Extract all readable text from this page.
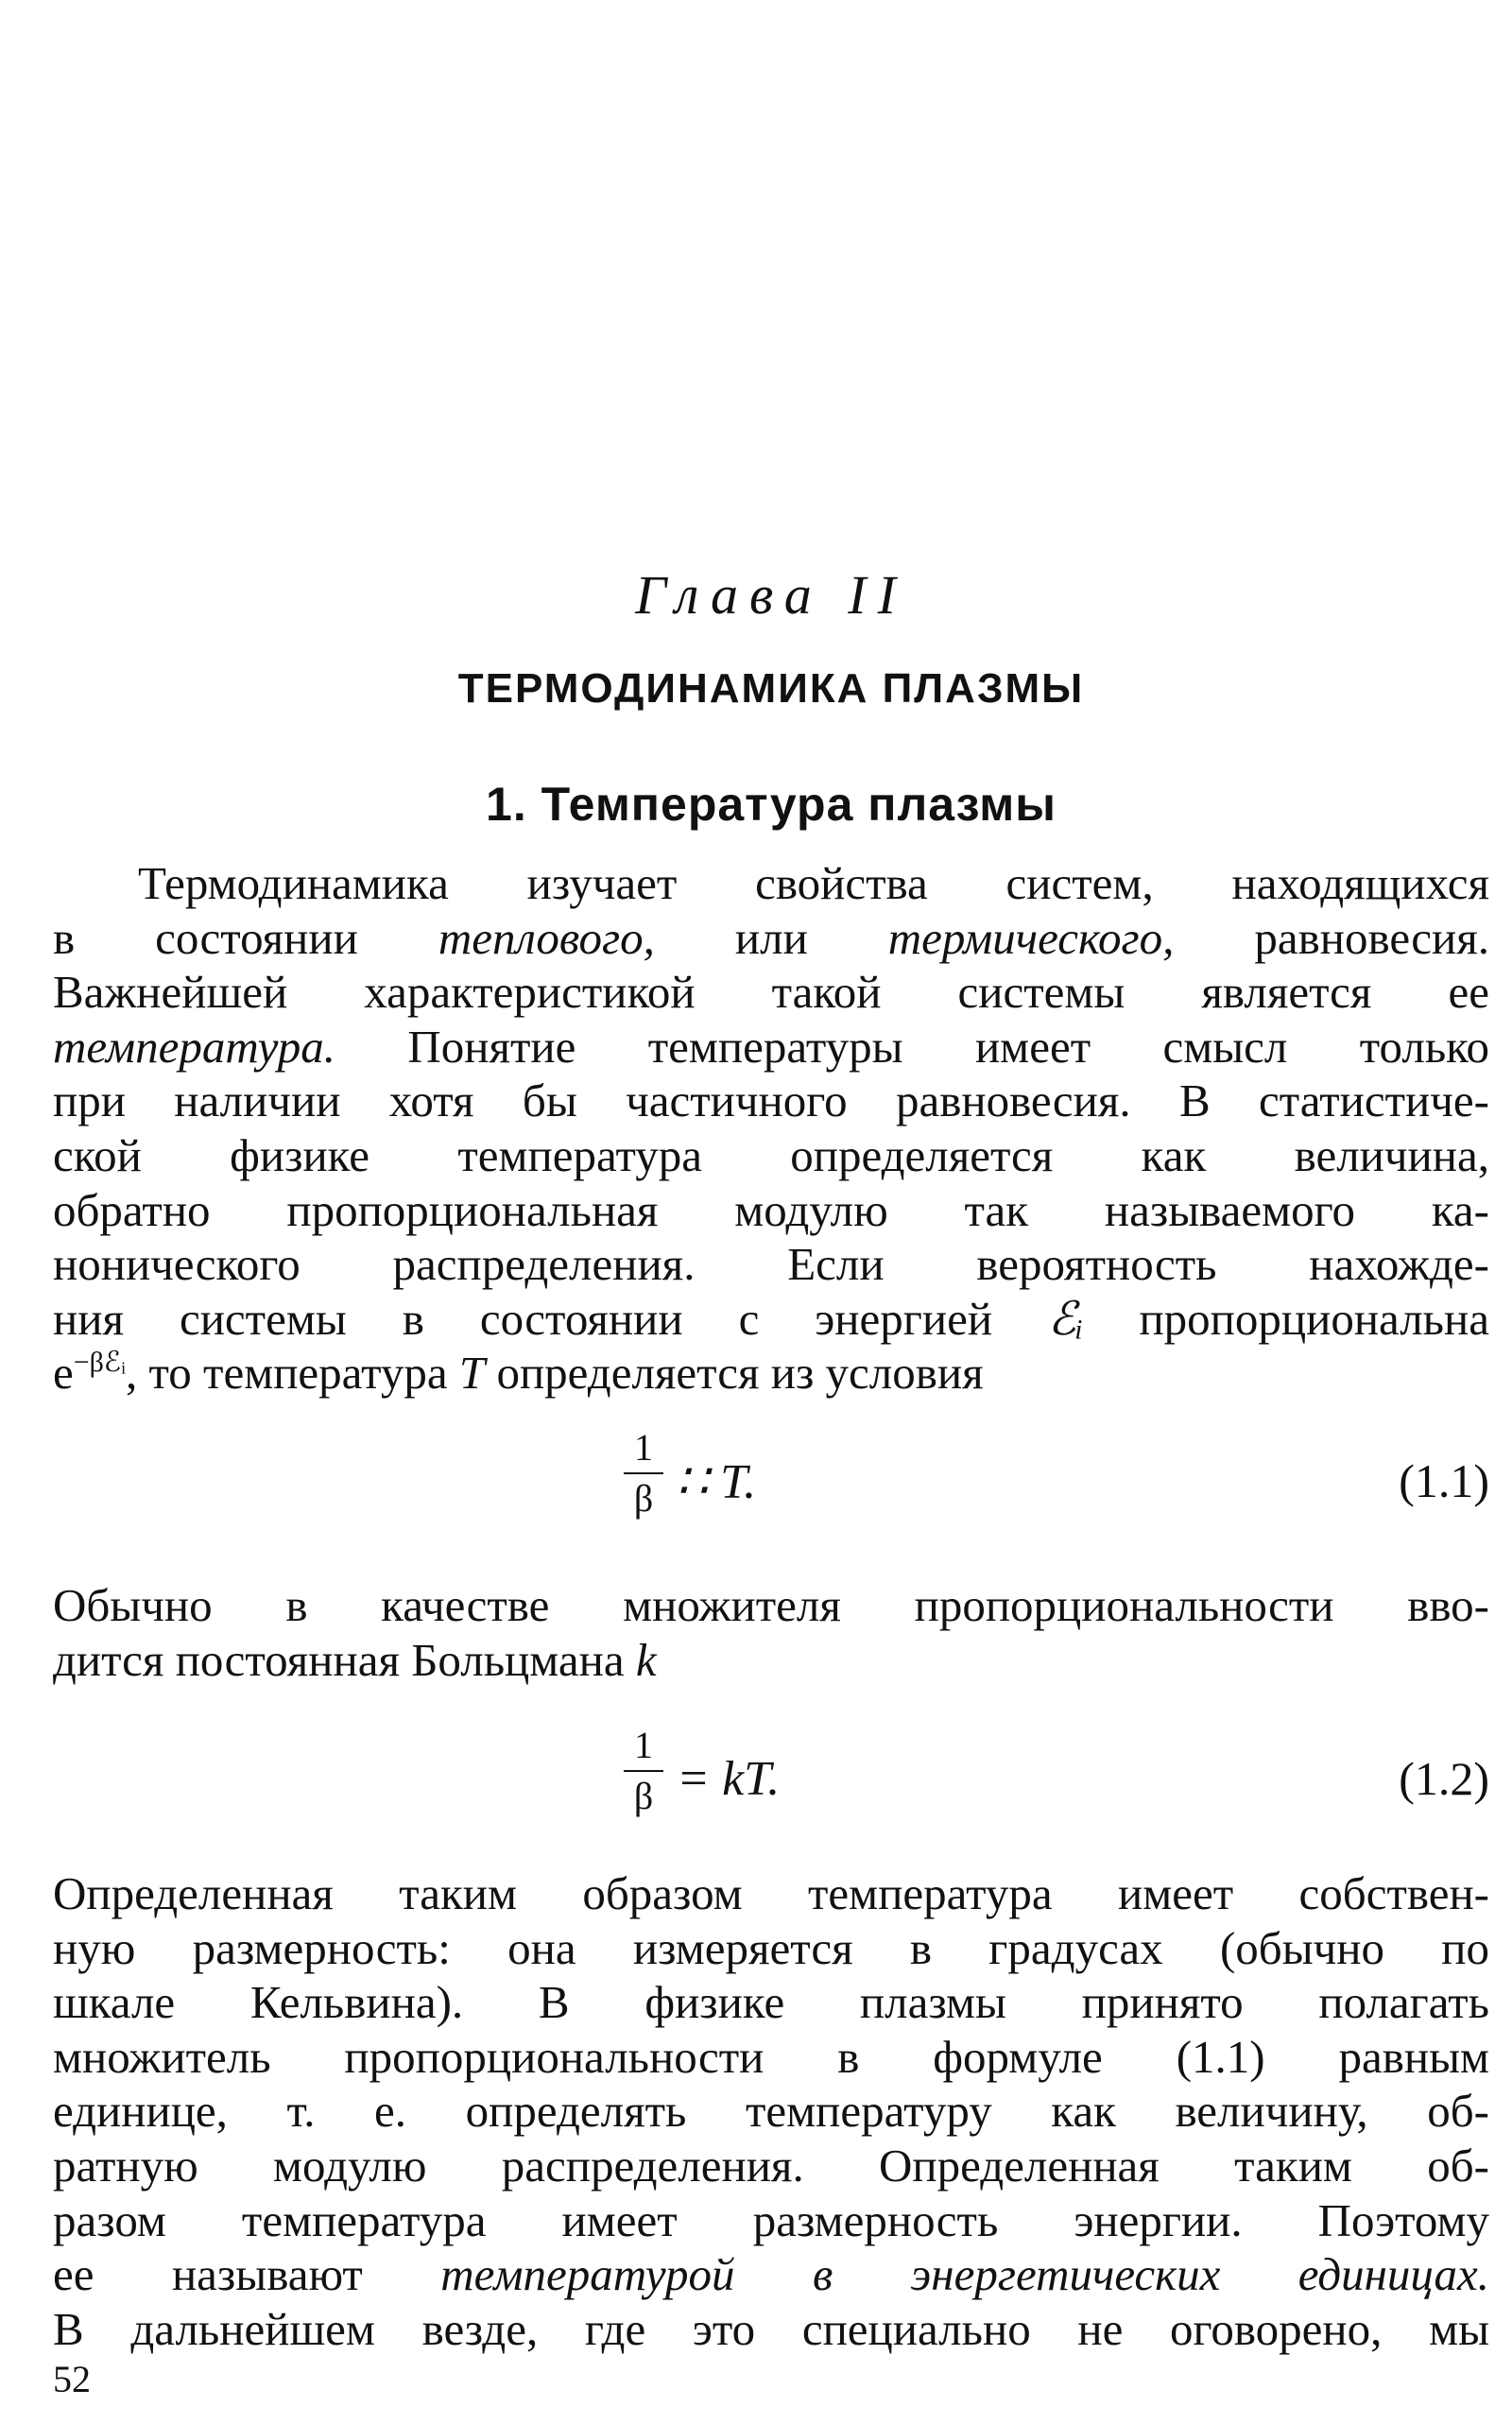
Глава II
ТЕРМОДИНАМИКА ПЛАЗМЫ
1. Температура плазмы
Термодинамика изучает свойства систем, находящихся
в состоянии теплового, или термического, равновесия.
Важнейшей характеристикой такой системы является ее
температура. Понятие температуры имеет смысл только
при наличии хотя бы частичного равновесия. В статистиче-
ской физике температура определяется как величина,
обратно пропорциональная модулю так называемого ка-
нонического распределения. Если вероятность нахожде-
ния системы в состоянии с энергией ℰᵢ пропорциональна
$e^{-\beta ℰᵢ}$, то температура T определяется из условия
1
β ∷ T.	(1.1)
Обычно в качестве множителя пропорциональности вво-
дится постоянная Больцмана k
1
β = kT.	(1.2)
Определенная таким образом температура имеет собствен-
ную размерность: она измеряется в градусах (обычно по
шкале Кельвина). В физике плазмы принято полагать
множитель пропорциональности в формуле (1.1) равным
единице, т. е. определять температуру как величину, об-
ратную модулю распределения. Определенная таким об-
разом температура имеет размерность энергии. Поэтому
ее называют температурой в энергетических единицах.
В дальнейшем везде, где это специально не оговорено, мы
52
